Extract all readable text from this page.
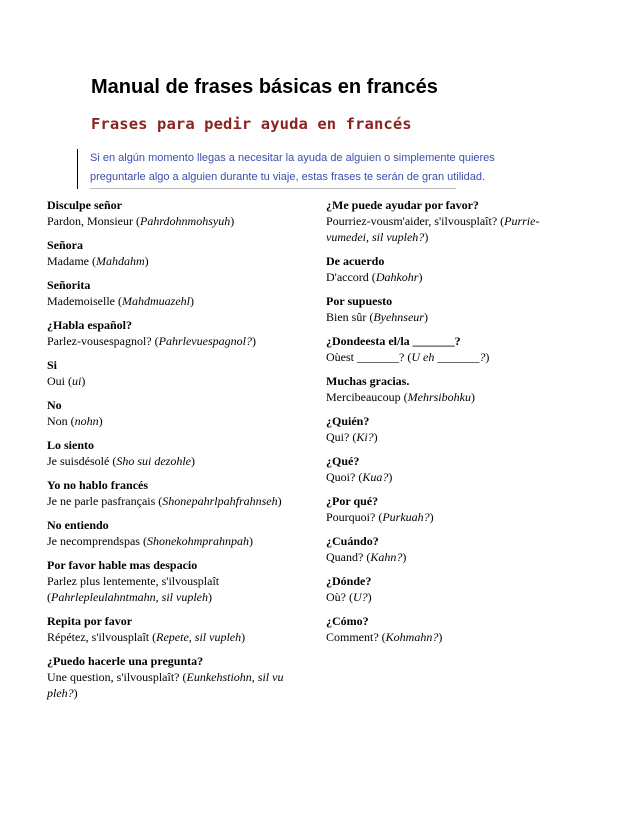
Manual de frases básicas en francés
Frases para pedir ayuda en francés
Si en algún momento llegas a necesitar la ayuda de alguien o simplemente quieres
preguntarle algo a alguien durante tu viaje, estas frases te serán de gran utilidad.
Disculpe señor
Pardon, Monsieur (Pahrdohnmohsyuh)
Señora
Madame (Mahdahm)
Señorita
Mademoiselle (Mahdmuazehl)
¿Habla español?
Parlez-vousespagnol? (Pahrlevuespagnol?)
Si
Oui (ui)
No
Non (nohn)
Lo siento
Je suisdésolé (Sho sui dezohle)
Yo no hablo francés
Je ne parle pasfrançais (Shonepahrlpahfrahnseh)
No entiendo
Je necomprendspas (Shonekohmprahnpah)
Por favor hable mas despacio
Parlez plus lentemente, s'ilvousplaît (Pahrlepleulahntmahn, sil vupleh)
Repita por favor
Répétez, s'ilvousplaît (Repete, sil vupleh)
¿Puedo hacerle una pregunta?
Une question, s'ilvousplaît? (Eunkehstiohn, sil vu pleh?)
¿Me puede ayudar por favor?
Pourriez-vousm'aider, s'ilvousplaît? (Purrie-vumedei, sil vupleh?)
De acuerdo
D'accord (Dahkohr)
Por supuesto
Bien sûr (Byehnseur)
¿Dondeesta el/la _______?
Oùest _______? (U eh _______?)
Muchas gracias.
Mercibeaucoup (Mehrsibohku)
¿Quién?
Qui? (Ki?)
¿Qué?
Quoi? (Kua?)
¿Por qué?
Pourquoi? (Purkuah?)
¿Cuándo?
Quand? (Kahn?)
¿Dónde?
Où? (U?)
¿Cómo?
Comment? (Kohmahn?)
